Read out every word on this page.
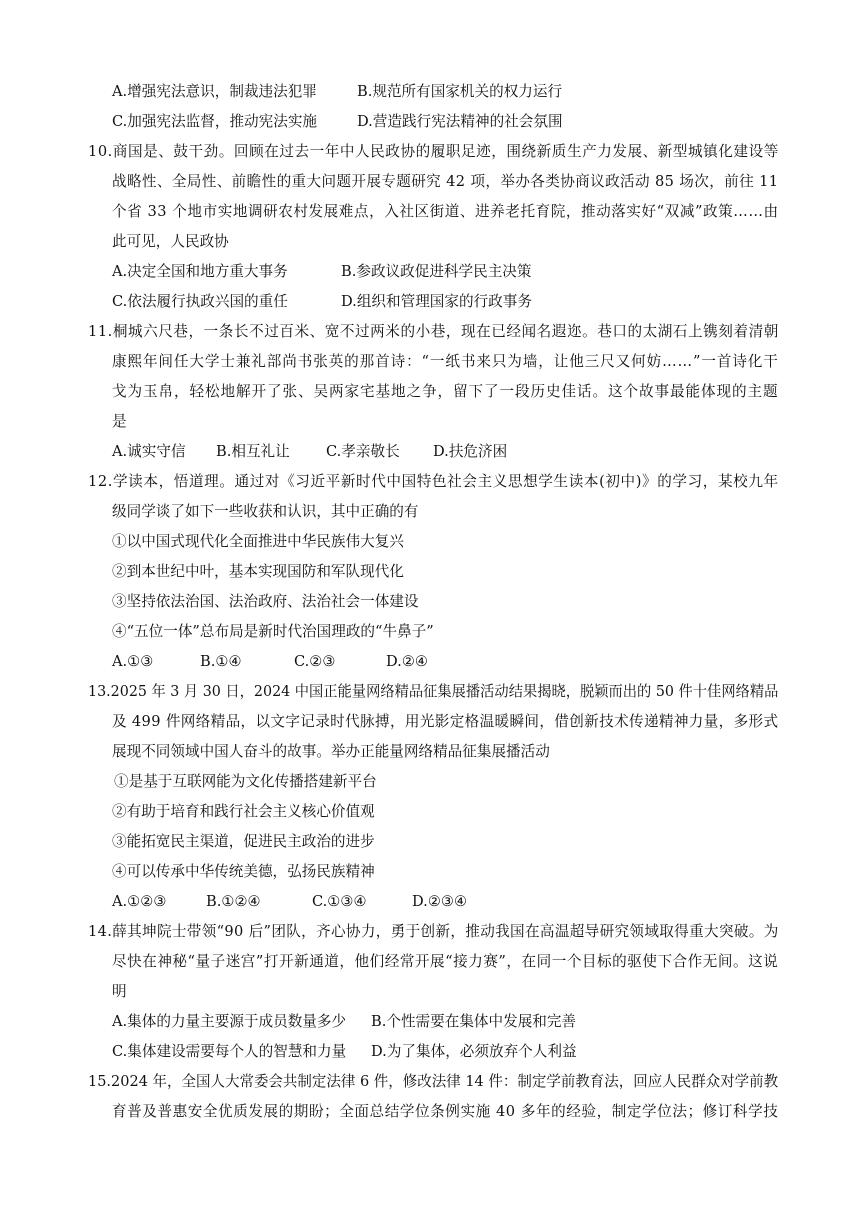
A.增强宪法意识，制裁违法犯罪	B.规范所有国家机关的权力运行
C.加强宪法监督，推动宪法实施	D.营造践行宪法精神的社会氛围
10.商国是、鼓干劲。回顾在过去一年中人民政协的履职足迹，围绕新质生产力发展、新型城镇化建设等
战略性、全局性、前瞻性的重大问题开展专题研究 42 项，举办各类协商议政活动 85 场次，前往 11
个省 33 个地市实地调研农村发展难点，入社区街道、进养老托育院，推动落实好“双减”政策……由
此可见，人民政协
A.决定全国和地方重大事务	B.参政议政促进科学民主决策
C.依法履行执政兴国的重任	D.组织和管理国家的行政事务
11.桐城六尺巷，一条长不过百米、宽不过两米的小巷，现在已经闻名遐迩。巷口的太湖石上镌刻着清朝
康熙年间任大学士兼礼部尚书张英的那首诗：“一纸书来只为墙，让他三尺又何妨……”一首诗化干
戈为玉帛，轻松地解开了张、吴两家宅基地之争，留下了一段历史佳话。这个故事最能体现的主题
是
A.诚实守信 B.相互礼让 C.孝亲敬长 D.扶危济困
12.学读本，悟道理。通过对《习近平新时代中国特色社会主义思想学生读本(初中)》的学习，某校九年
级同学谈了如下一些收获和认识，其中正确的有
①以中国式现代化全面推进中华民族伟大复兴
②到本世纪中叶，基本实现国防和军队现代化
③坚持依法治国、法治政府、法治社会一体建设
④“五位一体”总布局是新时代治国理政的“牛鼻子”
A.①③	B.①④	C.②③	D.②④
13.2025 年 3 月 30 日，2024 中国正能量网络精品征集展播活动结果揭晓，脱颖而出的 50 件十佳网络精品
及 499 件网络精品，以文字记录时代脉搏，用光影定格温暖瞬间，借创新技术传递精神力量，多形式
展现不同领域中国人奋斗的故事。举办正能量网络精品征集展播活动
①是基于互联网能为文化传播搭建新平台
②有助于培育和践行社会主义核心价值观
③能拓宽民主渠道，促进民主政治的进步
④可以传承中华传统美德，弘扬民族精神
A.①②③	B.①②④	C.①③④	D.②③④
14.薛其坤院士带领“90 后”团队，齐心协力，勇于创新，推动我国在高温超导研究领域取得重大突破。为
尽快在神秘“量子迷宫”打开新通道，他们经常开展“接力赛”，在同一个目标的驱使下合作无间。这说
明
A.集体的力量主要源于成员数量多少 B.个性需要在集体中发展和完善
C.集体建设需要每个人的智慧和力量 D.为了集体，必须放弃个人利益
15.2024 年，全国人大常委会共制定法律 6 件，修改法律 14 件：制定学前教育法，回应人民群众对学前教
育普及普惠安全优质发展的期盼；全面总结学位条例实施 40 多年的经验，制定学位法；修订科学技
